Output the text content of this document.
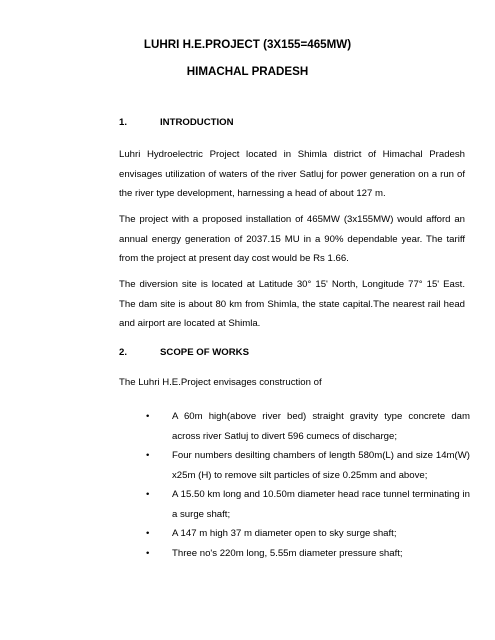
LUHRI H.E.PROJECT (3X155=465MW)
HIMACHAL PRADESH
1.	INTRODUCTION
Luhri Hydroelectric Project located in Shimla district of Himachal Pradesh envisages utilization of waters of the river Satluj for power generation on a run of the river type development, harnessing a head of about 127 m.
The project with a proposed installation of 465MW (3x155MW) would afford an annual energy generation of 2037.15 MU in a 90% dependable year. The tariff from the project at present day cost would be Rs 1.66.
The diversion site is located at Latitude 30° 15' North, Longitude 77° 15' East. The dam site is about 80 km from Shimla, the state capital.The nearest rail head and airport are located at Shimla.
2.	SCOPE OF WORKS
The Luhri H.E.Project envisages construction of
• A 60m high(above river bed) straight gravity type concrete dam across river Satluj to divert 596 cumecs of discharge;
• Four numbers desilting chambers of length 580m(L) and size 14m(W) x25m (H) to remove silt particles of size 0.25mm and above;
• A 15.50 km long and 10.50m diameter head race tunnel terminating in a surge shaft;
• A 147 m high 37 m diameter open to sky surge shaft;
• Three no's 220m long, 5.55m diameter pressure shaft;
